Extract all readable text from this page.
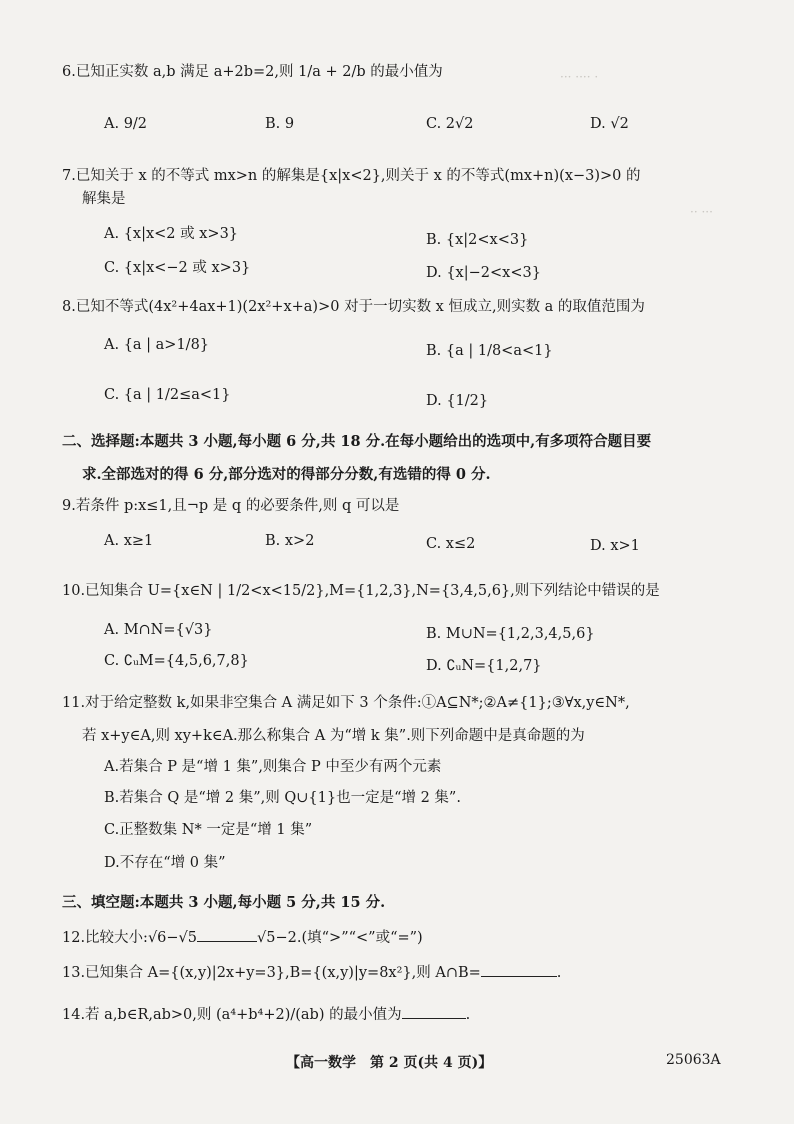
··· ···· ·
·· ···
6.已知正实数 a,b 满足 a+2b=2,则 1/a + 2/b 的最小值为
A. 9/2	B. 9	C. 2√2	D. √2
7.已知关于 x 的不等式 mx>n 的解集是{x|x<2},则关于 x 的不等式(mx+n)(x−3)>0 的
解集是
A. {x|x<2 或 x>3}	B. {x|2<x<3}
C. {x|x<−2 或 x>3}	D. {x|−2<x<3}
8.已知不等式(4x²+4ax+1)(2x²+x+a)>0 对于一切实数 x 恒成立,则实数 a 的取值范围为
A. {a | a>1/8}	B. {a | 1/8<a<1}
C. {a | 1/2≤a<1}	D. {1/2}
二、选择题:本题共 3 小题,每小题 6 分,共 18 分.在每小题给出的选项中,有多项符合题目要
求.全部选对的得 6 分,部分选对的得部分分数,有选错的得 0 分.
9.若条件 p:x≤1,且¬p 是 q 的必要条件,则 q 可以是
A. x≥1	B. x>2	C. x≤2	D. x>1
10.已知集合 U={x∈N | 1/2<x<15/2},M={1,2,3},N={3,4,5,6},则下列结论中错误的是
A. M∩N={√3}	B. M∪N={1,2,3,4,5,6}
C. ∁ᵤM={4,5,6,7,8}	D. ∁ᵤN={1,2,7}
11.对于给定整数 k,如果非空集合 A 满足如下 3 个条件:①A⊆N*;②A≠{1};③∀x,y∈N*,
若 x+y∈A,则 xy+k∈A.那么称集合 A 为“增 k 集”.则下列命题中是真命题的为
A.若集合 P 是“增 1 集”,则集合 P 中至少有两个元素
B.若集合 Q 是“增 2 集”,则 Q∪{1}也一定是“增 2 集”.
C.正整数集 N* 一定是“增 1 集”
D.不存在“增 0 集”
三、填空题:本题共 3 小题,每小题 5 分,共 15 分.
12.比较大小:√6−√5	√5−2.(填“>”“<”或“=”)
13.已知集合 A={(x,y)|2x+y=3},B={(x,y)|y=8x²},则 A∩B=	.
14.若 a,b∈R,ab>0,则 (a⁴+b⁴+2)/(ab) 的最小值为	.
【高一数学　第 2 页(共 4 页)】	25063A
